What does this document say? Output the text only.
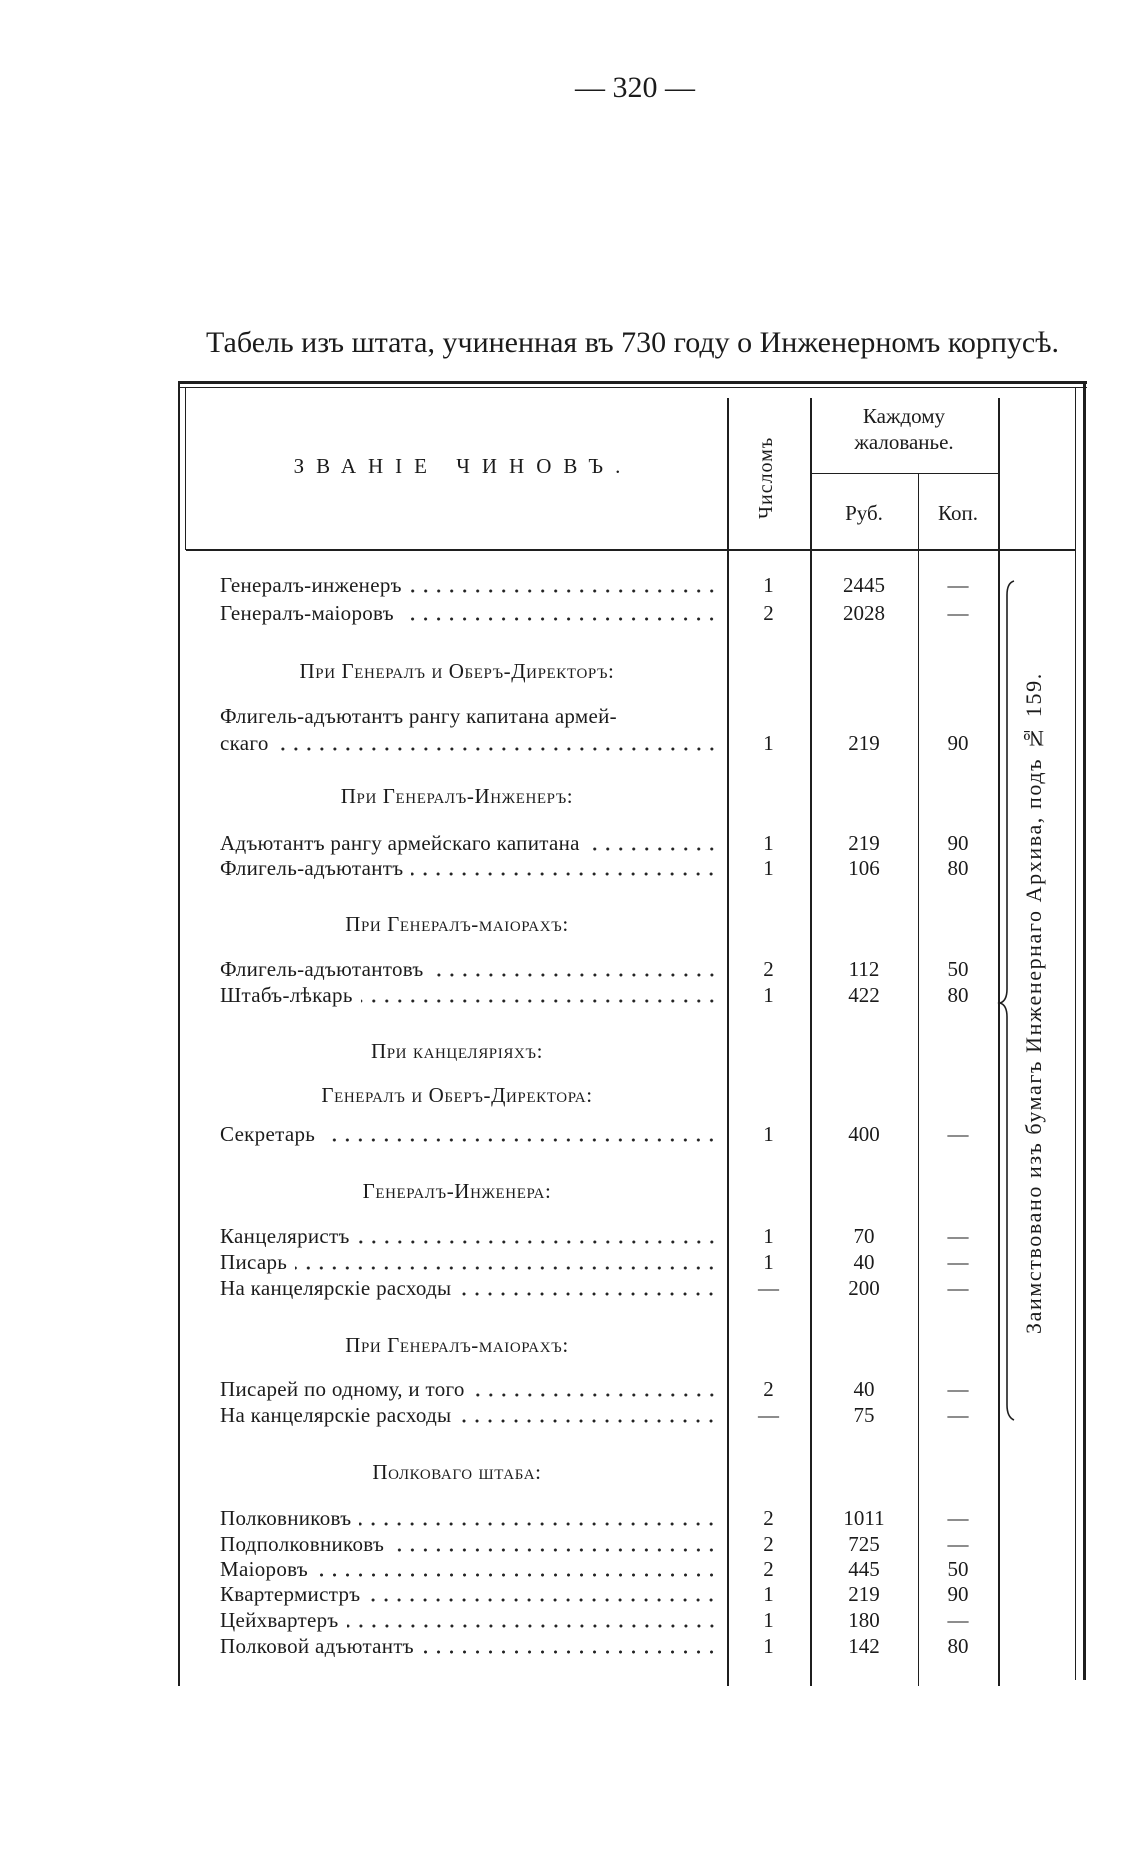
— 320 —
Табель изъ штата, учиненная въ 730 году о Инженерномъ корпусѣ.
ЗВАНІЕ ЧИНОВЪ.	Числомъ
Каждому
жалованье.
Руб.	Коп.
Генералъ-инженеръ	1	2445	—
Генералъ-маіоровъ	2	2028	—
При Генералъ и Оберъ-Директоръ:
Флигель-адъютантъ рангу капитана армей-
скаго	1	219	90
При Генералъ-Инженеръ:
Адъютантъ рангу армейскаго капитана	1	219	90
Флигель-адъютантъ	1	106	80
При Генералъ-маіорахъ:
Флигель-адъютантовъ	2	112	50
Штабъ-лѣкарь	1	422	80
При канцеляріяхъ:
Генералъ и Оберъ-Директора:
Секретарь	1	400	—
Генералъ-Инженера:
Канцеляристъ	1	70	—
Писарь	1	40	—
На канцелярскіе расходы	—	200	—
При Генералъ-маіорахъ:
Писарей по одному, и того	2	40	—
На канцелярскіе расходы	—	75	—
Полковаго штаба:
Полковниковъ	2	1011	—
Подполковниковъ	2	725	—
Маіоровъ	2	445	50
Квартермистръ	1	219	90
Цейхвартеръ	1	180	—
Полковой адъютантъ	1	142	80
Заимствовано изъ бумагъ Инженернаго Архива, подъ № 159.
